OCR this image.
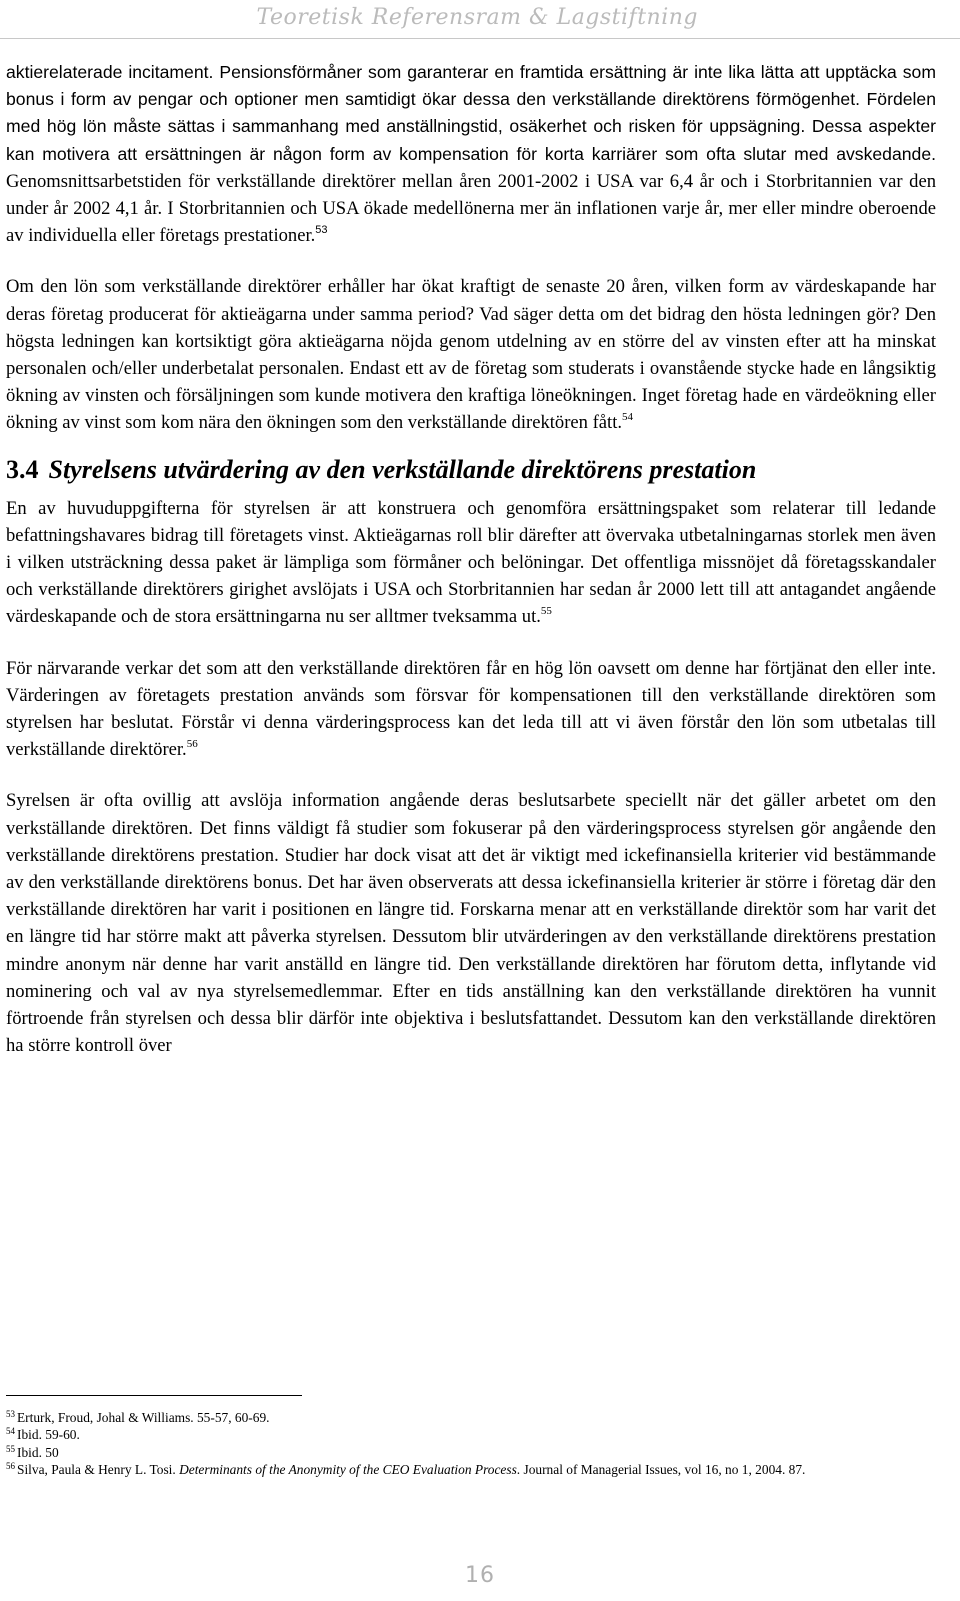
Teoretisk Referensram & Lagstiftning

aktierelaterade incitament. Pensionsförmåner som garanterar en framtida ersättning är inte lika lätta att upptäcka som bonus i form av pengar och optioner men samtidigt ökar dessa den verkställande direktörens förmögenhet. Fördelen med hög lön måste sättas i sammanhang med anställningstid, osäkerhet och risken för uppsägning. Dessa aspekter kan motivera att ersättningen är någon form av kompensation för korta karriärer som ofta slutar med avskedande. Genomsnittsarbetstiden för verkställande direktörer mellan åren 2001-2002 i USA var 6,4 år och i Storbritannien var den under år 2002 4,1 år. I Storbritannien och USA ökade medellönerna mer än inflationen varje år, mer eller mindre oberoende av individuella eller företags prestationer.$^{53}$

Om den lön som verkställande direktörer erhåller har ökat kraftigt de senaste 20 åren, vilken form av värdeskapande har deras företag producerat för aktieägarna under samma period? Vad säger detta om det bidrag den hösta ledningen gör? Den högsta ledningen kan kortsiktigt göra aktieägarna nöjda genom utdelning av en större del av vinsten efter att ha minskat personalen och/eller underbetalat personalen. Endast ett av de företag som studerats i ovanstående stycke hade en långsiktig ökning av vinsten och försäljningen som kunde motivera den kraftiga löneökningen. Inget företag hade en värdeökning eller ökning av vinst som kom nära den ökningen som den verkställande direktören fått.$^{54}$

3.4 Styrelsens utvärdering av den verkställande direktörens prestation

En av huvuduppgifterna för styrelsen är att konstruera och genomföra ersättningspaket som relaterar till ledande befattningshavares bidrag till företagets vinst. Aktieägarnas roll blir därefter att övervaka utbetalningarnas storlek men även i vilken utsträckning dessa paket är lämpliga som förmåner och belöningar. Det offentliga missnöjet då företagsskandaler och verkställande direktörers girighet avslöjats i USA och Storbritannien har sedan år 2000 lett till att antagandet angående värdeskapande och de stora ersättningarna nu ser alltmer tveksamma ut.$^{55}$

För närvarande verkar det som att den verkställande direktören får en hög lön oavsett om denne har förtjänat den eller inte. Värderingen av företagets prestation används som försvar för kompensationen till den verkställande direktören som styrelsen har beslutat. Förstår vi denna värderingsprocess kan det leda till att vi även förstår den lön som utbetalas till verkställande direktörer.$^{56}$

Syrelsen är ofta ovillig att avslöja information angående deras beslutsarbete speciellt när det gäller arbetet om den verkställande direktören. Det finns väldigt få studier som fokuserar på den värderingsprocess styrelsen gör angående den verkställande direktörens prestation. Studier har dock visat att det är viktigt med ickefinansiella kriterier vid bestämmande av den verkställande direktörens bonus. Det har även observerats att dessa ickefinansiella kriterier är större i företag där den verkställande direktören har varit i positionen en längre tid. Forskarna menar att en verkställande direktör som har varit det en längre tid har större makt att påverka styrelsen. Dessutom blir utvärderingen av den verkställande direktörens prestation mindre anonym när denne har varit anställd en längre tid. Den verkställande direktören har förutom detta, inflytande vid nominering och val av nya styrelsemedlemmar. Efter en tids anställning kan den verkställande direktören ha vunnit förtroende från styrelsen och dessa blir därför inte objektiva i beslutsfattandet. Dessutom kan den verkställande direktören ha större kontroll över

$^{53}$ Erturk, Froud, Johal & Williams. 55-57, 60-69.

$^{54}$ Ibid. 59-60.

$^{55}$ Ibid. 50

$^{56}$ Silva, Paula & Henry L. Tosi. Determinants of the Anonymity of the CEO Evaluation Process. Journal of Managerial Issues, vol 16, no 1, 2004. 87.

16
